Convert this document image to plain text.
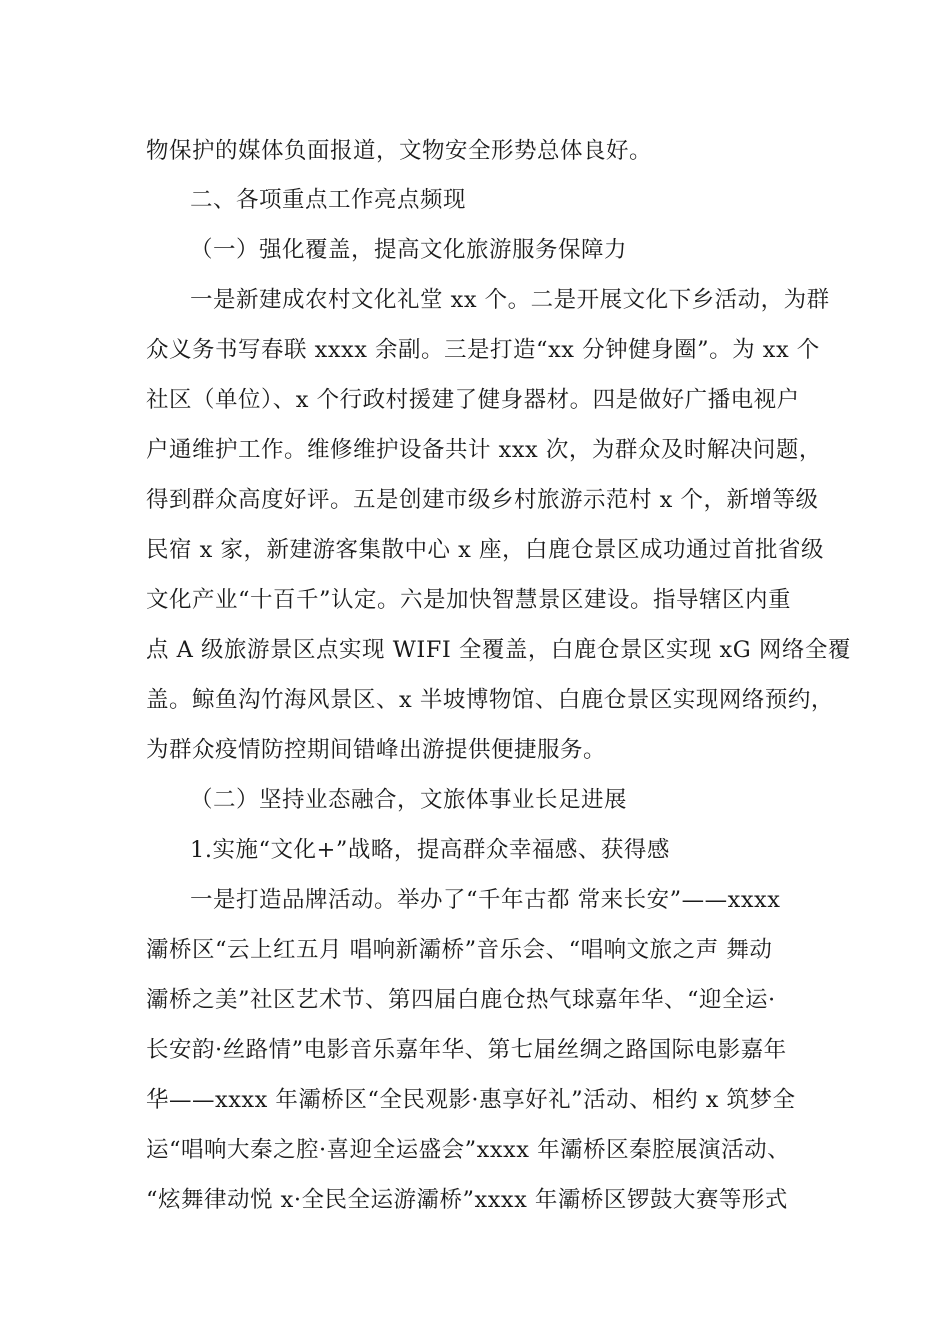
物保护的媒体负面报道，文物安全形势总体良好。
二、各项重点工作亮点频现
（一）强化覆盖，提高文化旅游服务保障力
一是新建成农村文化礼堂 xx 个。二是开展文化下乡活动，为群
众义务书写春联 xxxx 余副。三是打造“xx 分钟健身圈”。为 xx 个
社区（单位）、x 个行政村援建了健身器材。四是做好广播电视户
户通维护工作。维修维护设备共计 xxx 次，为群众及时解决问题，
得到群众高度好评。五是创建市级乡村旅游示范村 x 个，新增等级
民宿 x 家，新建游客集散中心 x 座，白鹿仓景区成功通过首批省级
文化产业“十百千”认定。六是加快智慧景区建设。指导辖区内重
点 A 级旅游景区点实现 WIFI 全覆盖，白鹿仓景区实现 xG 网络全覆
盖。鲸鱼沟竹海风景区、x 半坡博物馆、白鹿仓景区实现网络预约，
为群众疫情防控期间错峰出游提供便捷服务。
（二）坚持业态融合，文旅体事业长足进展
1.实施“文化+”战略，提高群众幸福感、获得感
一是打造品牌活动。举办了“千年古都 常来长安”——xxxx
灞桥区“云上红五月 唱响新灞桥”音乐会、“唱响文旅之声 舞动
灞桥之美”社区艺术节、第四届白鹿仓热气球嘉年华、“迎全运·
长安韵·丝路情”电影音乐嘉年华、第七届丝绸之路国际电影嘉年
华——xxxx 年灞桥区“全民观影·惠享好礼”活动、相约 x 筑梦全
运“唱响大秦之腔·喜迎全运盛会”xxxx 年灞桥区秦腔展演活动、
“炫舞律动悦 x·全民全运游灞桥”xxxx 年灞桥区锣鼓大赛等形式
